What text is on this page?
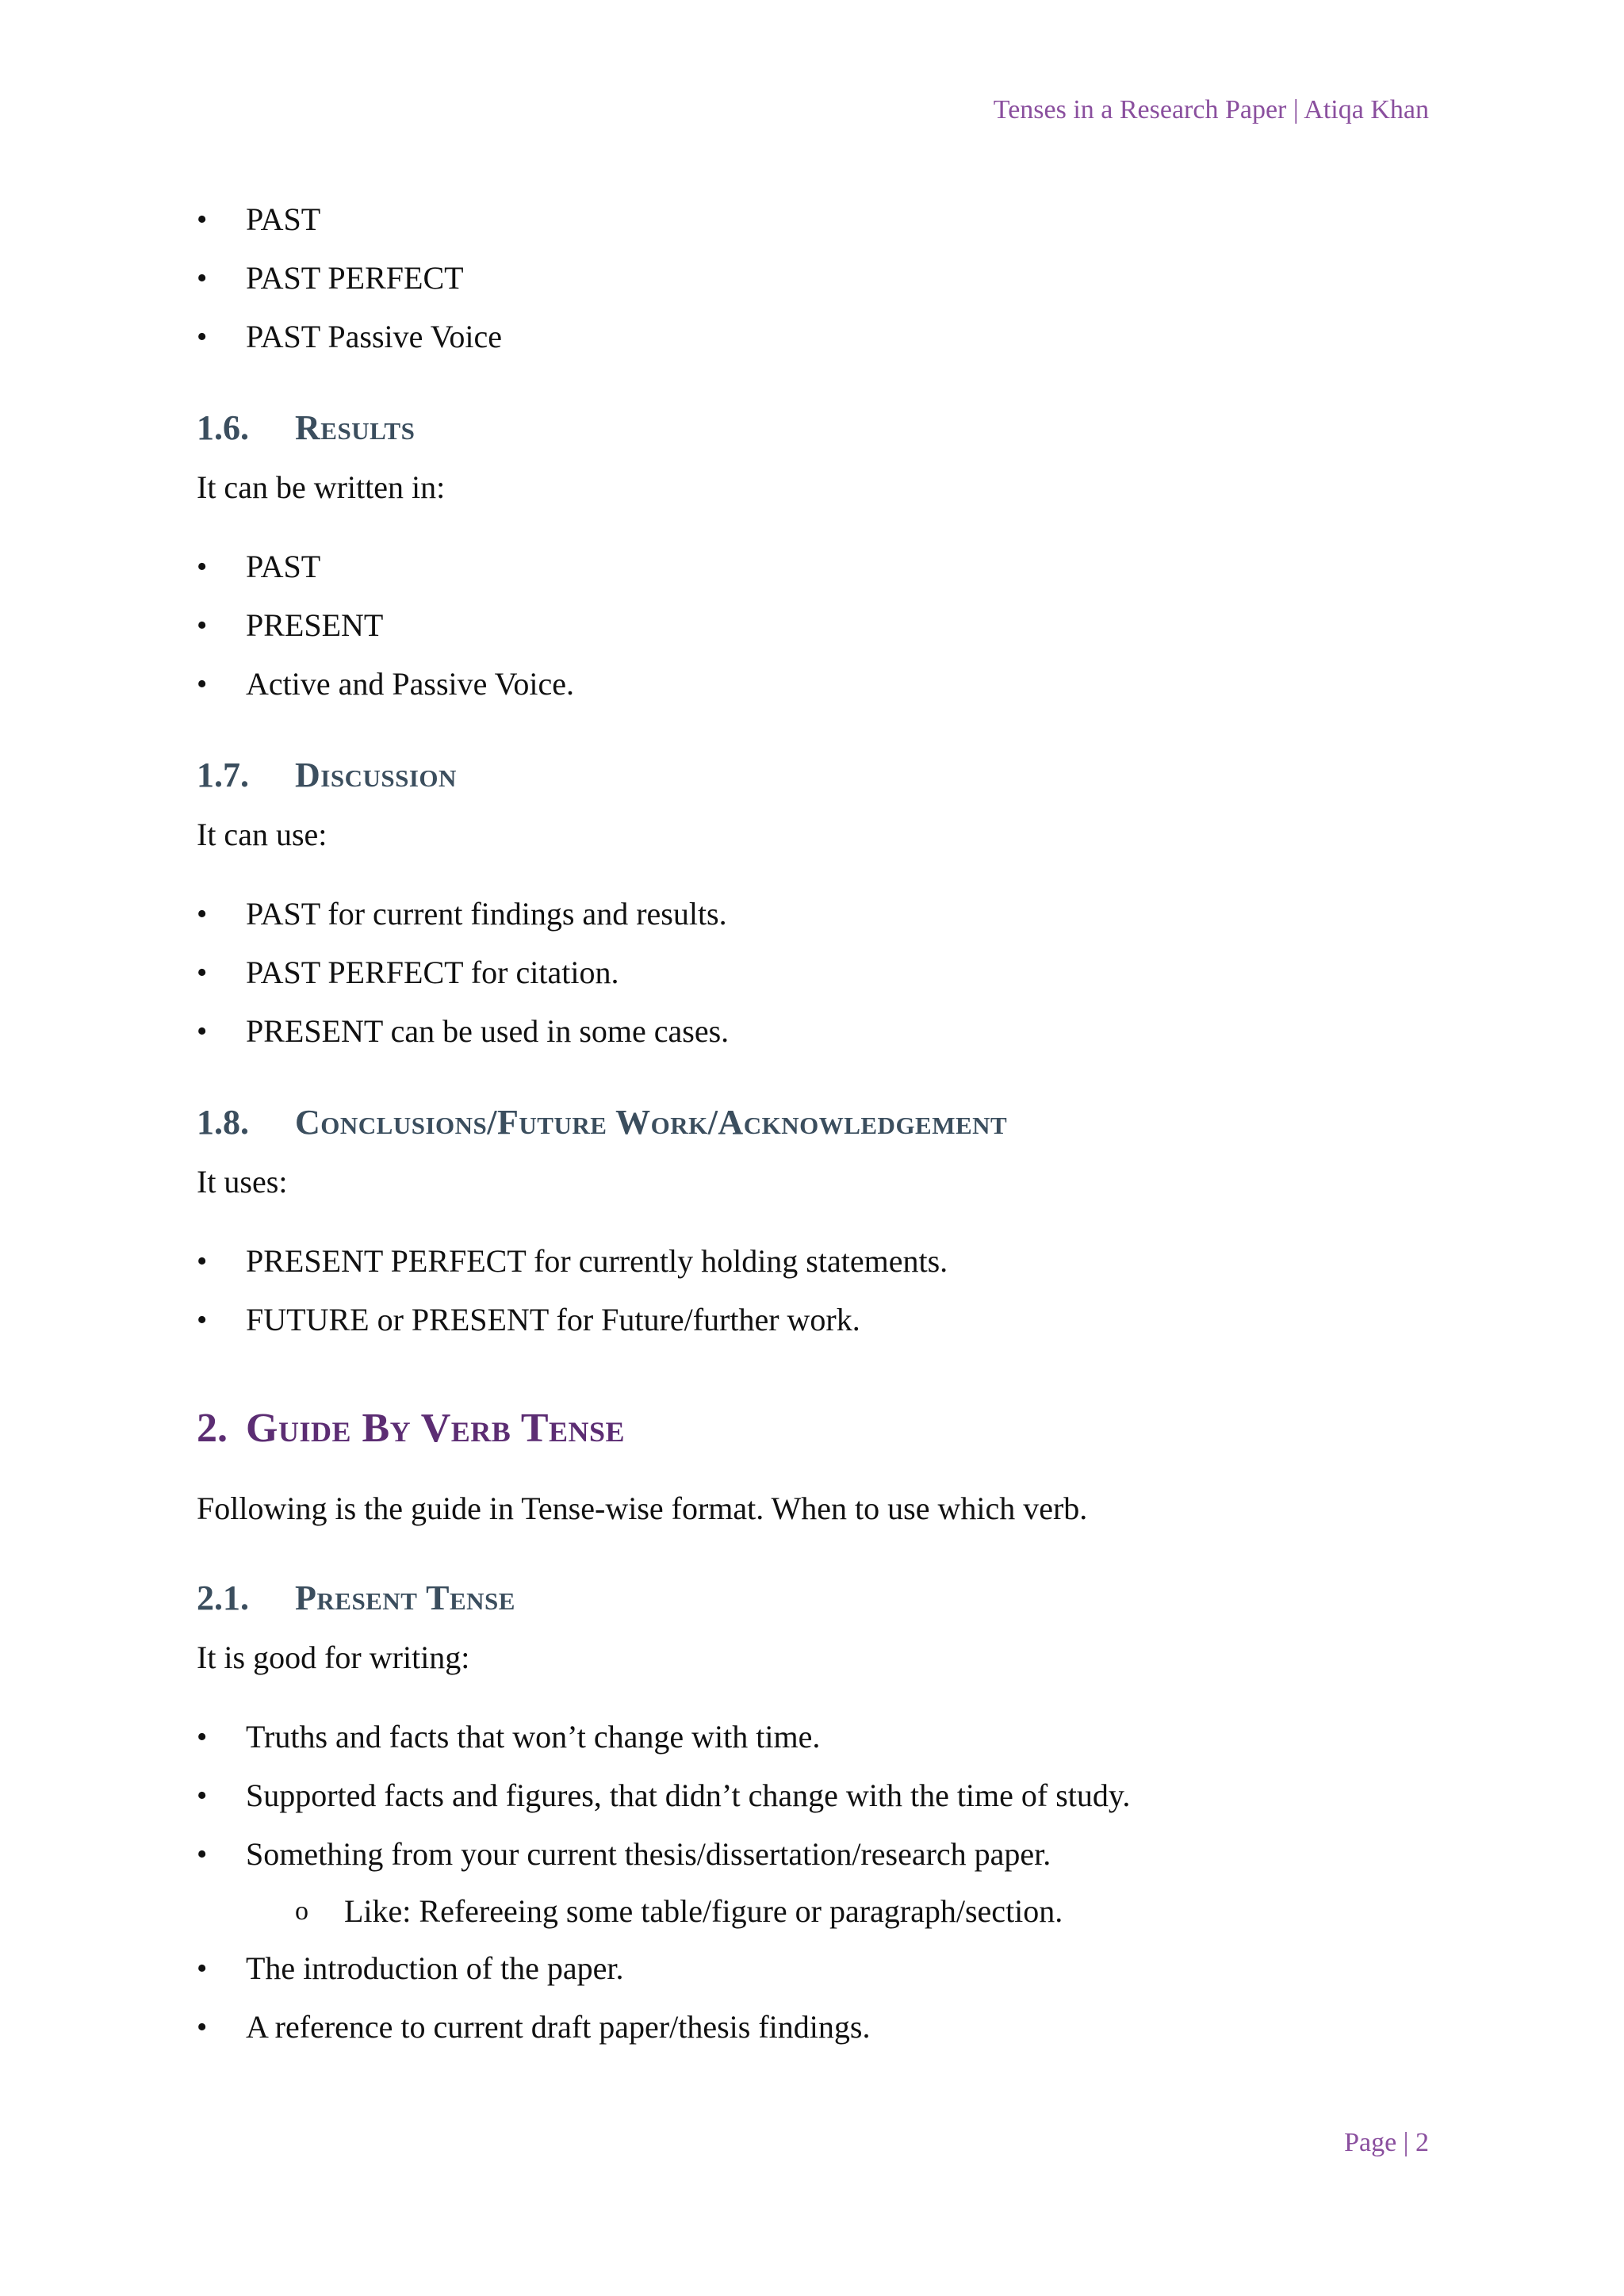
Tenses in a Research Paper | Atiqa Khan
• PAST
• PAST PERFECT
• PAST Passive Voice
1.6.	Results
It can be written in:
• PAST
• PRESENT
• Active and Passive Voice.
1.7.	Discussion
It can use:
• PAST for current findings and results.
• PAST PERFECT for citation.
• PRESENT can be used in some cases.
1.8.	Conclusions/Future Work/Acknowledgement
It uses:
• PRESENT PERFECT for currently holding statements.
• FUTURE or PRESENT for Future/further work.
2. Guide By Verb Tense
Following is the guide in Tense-wise format. When to use which verb.
2.1.	Present Tense
It is good for writing:
• Truths and facts that won’t change with time.
• Supported facts and figures, that didn’t change with the time of study.
• Something from your current thesis/dissertation/research paper.
o Like: Refereeing some table/figure or paragraph/section.
• The introduction of the paper.
• A reference to current draft paper/thesis findings.
Page | 2
